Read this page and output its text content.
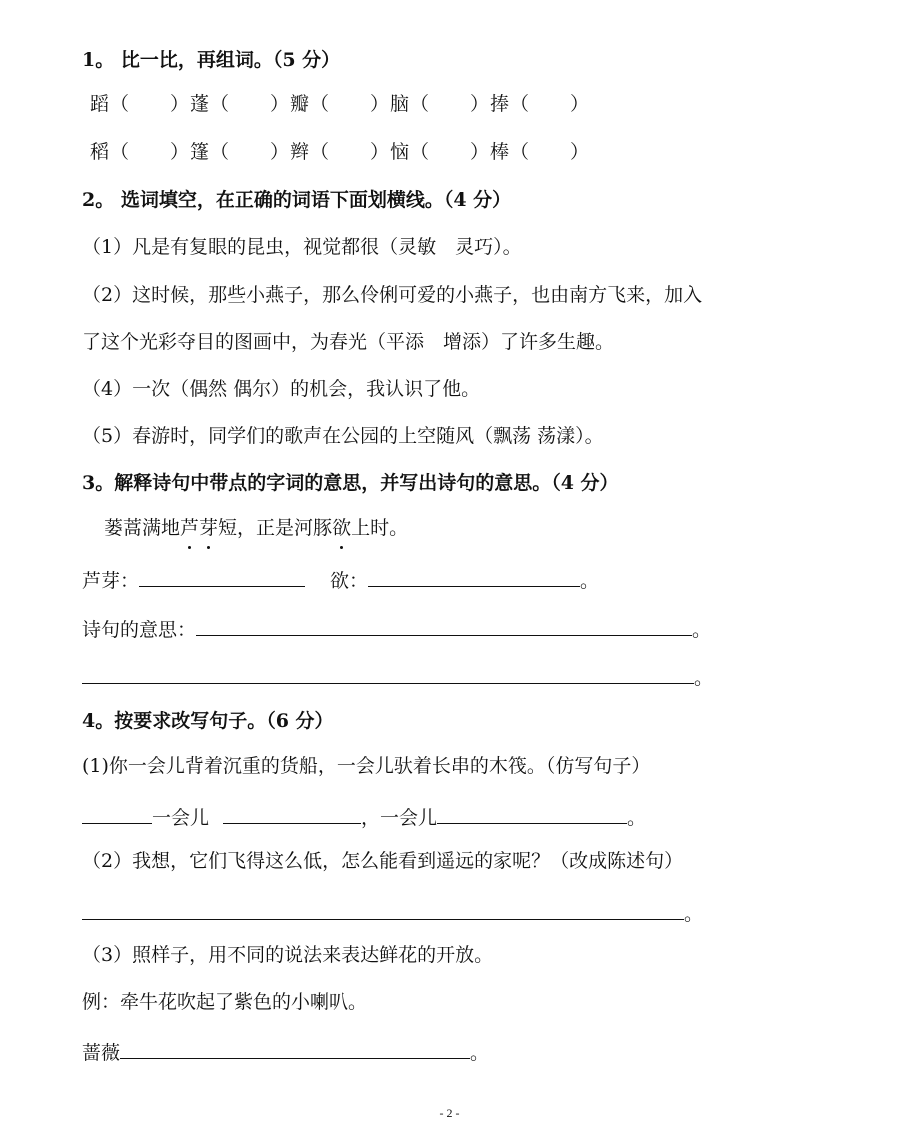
1。 比一比，再组词。（5 分）
蹈（　　）蓬（　　）瓣（　　）脑（　　）捧（　　）
稻（　　）篷（　　）辫（　　）恼（　　）棒（　　）
2。 选词填空，在正确的词语下面划横线。（4 分）
（1）凡是有复眼的昆虫，视觉都很（灵敏　灵巧）。
（2）这时候，那些小燕子，那么伶俐可爱的小燕子，也由南方飞来，加入
了这个光彩夺目的图画中，为春光（平添　增添）了许多生趣。
（4）一次（偶然 偶尔）的机会，我认识了他。
（5）春游时，同学们的歌声在公园的上空随风（飘荡 荡漾）。
3。解释诗句中带点的字词的意思，并写出诗句的意思。（4 分）
蒌蒿满地芦芽短，正是河豚欲上时。
芦芽：	欲：	。
诗句的意思：	。
。
4。按要求改写句子。（6 分）
(1)你一会儿背着沉重的货船，一会儿驮着长串的木筏。（仿写句子）
一会儿	，一会儿	。
（2）我想，它们飞得这么低，怎么能看到遥远的家呢？（改成陈述句）
。
（3）照样子，用不同的说法来表达鲜花的开放。
例：牵牛花吹起了紫色的小喇叭。
蔷薇	。
- 2 -
